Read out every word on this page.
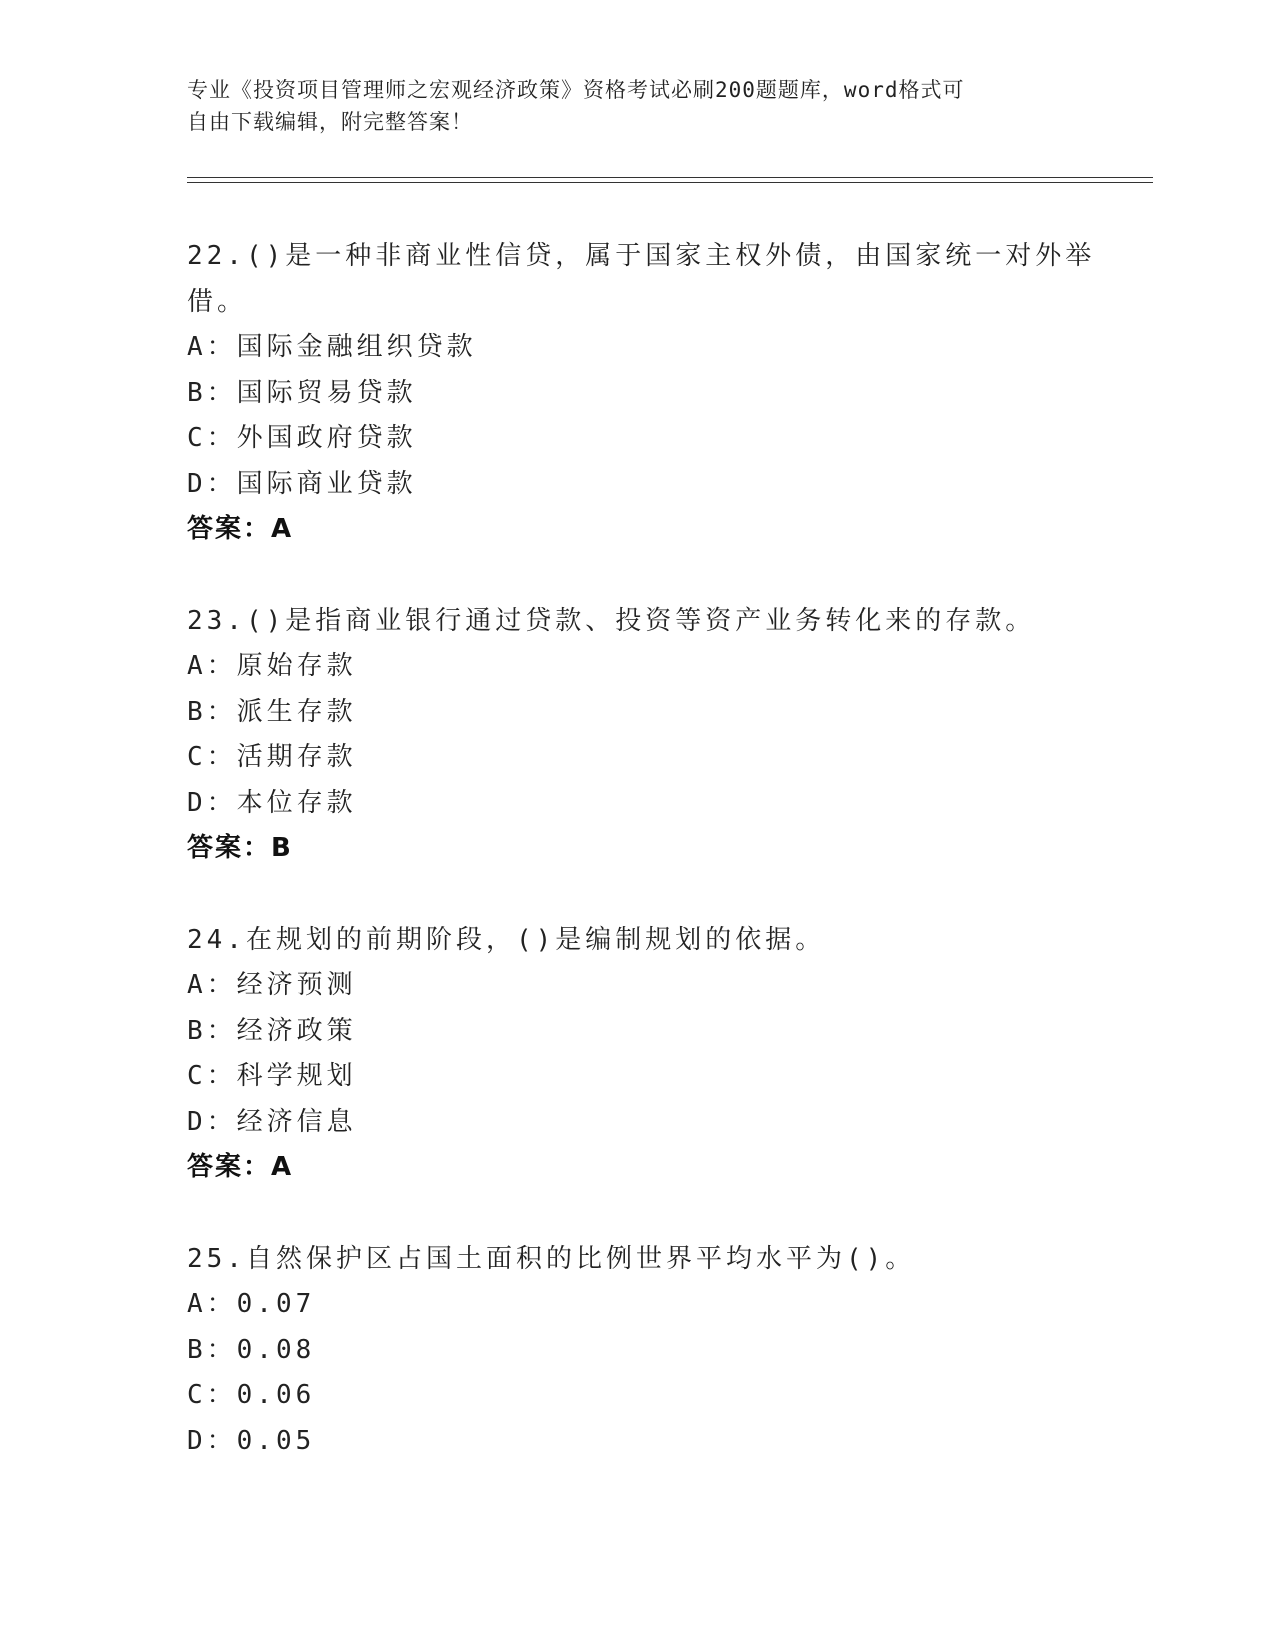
专业《投资项目管理师之宏观经济政策》资格考试必刷200题题库，word格式可
自由下载编辑，附完整答案！
22.()是一种非商业性信贷，属于国家主权外债，由国家统一对外举借。
A：国际金融组织贷款
B：国际贸易贷款
C：外国政府贷款
D：国际商业贷款
答案：A
23.()是指商业银行通过贷款、投资等资产业务转化来的存款。
A：原始存款
B：派生存款
C：活期存款
D：本位存款
答案：B
24.在规划的前期阶段，()是编制规划的依据。
A：经济预测
B：经济政策
C：科学规划
D：经济信息
答案：A
25.自然保护区占国土面积的比例世界平均水平为()。
A：0.07
B：0.08
C：0.06
D：0.05
